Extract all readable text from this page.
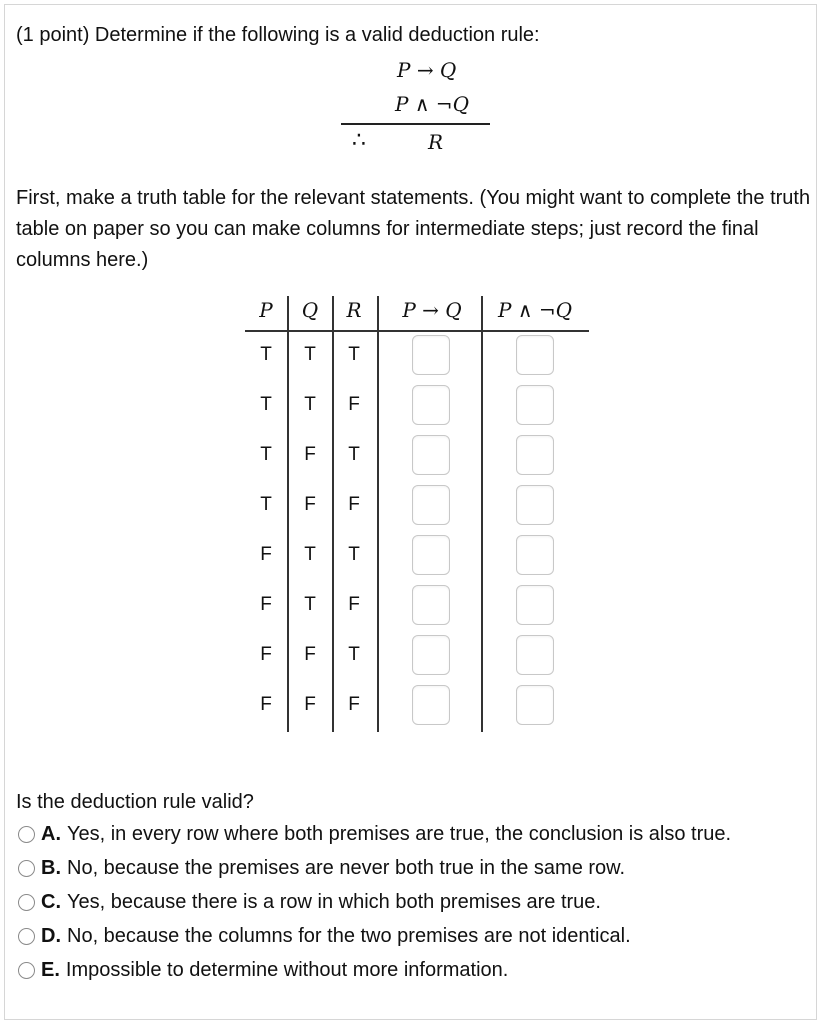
(1 point) Determine if the following is a valid deduction rule:
P → Q
P ∧ ¬Q
∴	R
First, make a truth table for the relevant statements. (You might want to complete the truth table on paper so you can make columns for intermediate steps; just record the final columns here.)
P Q R	P → Q	P ∧ ¬Q
T	T	T
T	T	F
T	F	T
T	F	F
F	T	T
F	T	F
F	F	T
F	F	F
Is the deduction rule valid?
A. Yes, in every row where both premises are true, the conclusion is also true.
B. No, because the premises are never both true in the same row.
C. Yes, because there is a row in which both premises are true.
D. No, because the columns for the two premises are not identical.
E. Impossible to determine without more information.
